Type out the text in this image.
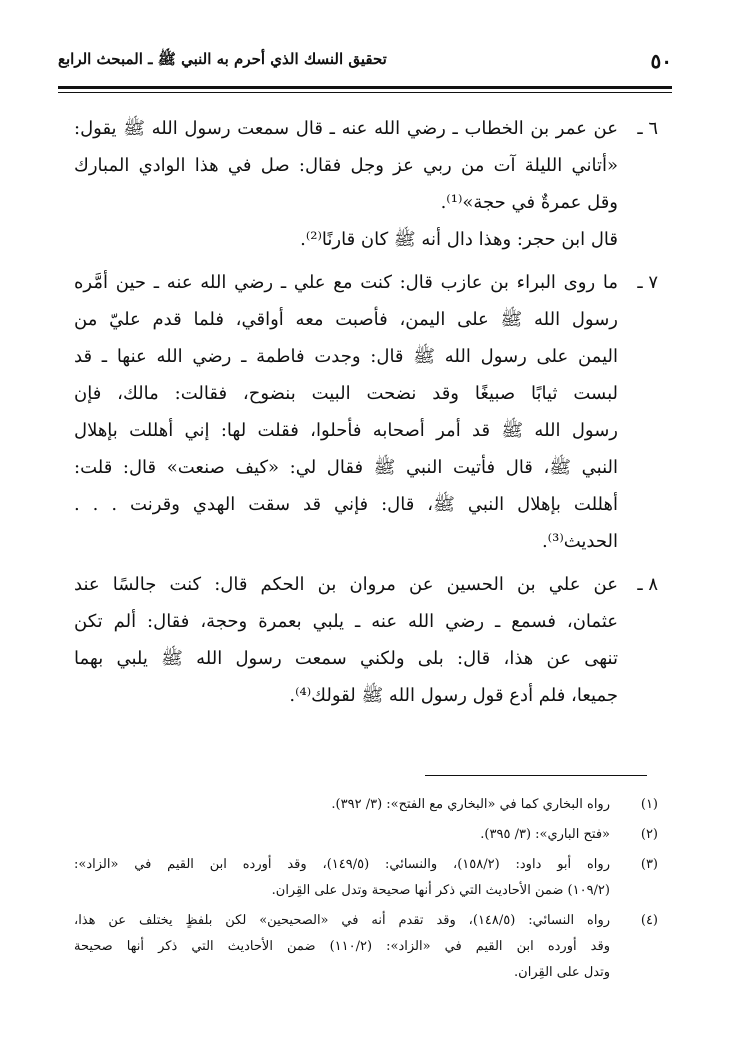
٥٠
تحقيق النسك الذي أحرم به النبي ﷺ ـ المبحث الرابع
٦ ـ
عن عمر بن الخطاب ـ رضي الله عنه ـ قال سمعت رسول الله ﷺ يقول:
«أتاني الليلة آت من ربي عز وجل فقال: صل في هذا الوادي المبارك
وقل عمرةٌ في حجة»⁽¹⁾.
قال ابن حجر: وهذا دال أنه ﷺ كان قارنًا⁽²⁾.
٧ ـ
ما روى البراء بن عازب قال: كنت مع علي ـ رضي الله عنه ـ حين أمَّره
رسول الله ﷺ على اليمن، فأصبت معه أواقي، فلما قدم عليّ من
اليمن على رسول الله ﷺ قال: وجدت فاطمة ـ رضي الله عنها ـ قد
لبست ثيابًا صبيغًا وقد نضحت البيت بنضوح، فقالت: مالك، فإن
رسول الله ﷺ قد أمر أصحابه فأحلوا، فقلت لها: إني أهللت بإهلال
النبي ﷺ، قال فأتيت النبي ﷺ فقال لي: «كيف صنعت» قال: قلت:
أهللت بإهلال النبي ﷺ، قال: فإني قد سقت الهدي وقرنت . . .
الحديث⁽³⁾.
٨ ـ
عن علي بن الحسين عن مروان بن الحكم قال: كنت جالسًا عند
عثمان، فسمع ـ رضي الله عنه ـ يلبي بعمرة وحجة، فقال: ألم تكن
تنهى عن هذا، قال: بلى ولكني سمعت رسول الله ﷺ يلبي بهما
جميعا، فلم أدع قول رسول الله ﷺ لقولك⁽⁴⁾.
(١)
رواه البخاري كما في «البخاري مع الفتح»: (٣/ ٣٩٢).
(٢)
«فتح الباري»: (٣/ ٣٩٥).
(٣)
رواه أبو داود: (١٥٨/٢)، والنسائي: (١٤٩/٥)، وقد أورده ابن القيم في «الزاد»:
(١٠٩/٢) ضمن الأحاديث التي ذكر أنها صحيحة وتدل على القِران.
(٤)
رواه النسائي: (١٤٨/٥)، وقد تقدم أنه في «الصحيحين» لكن بلفظٍ يختلف عن هذا،
وقد أورده ابن القيم في «الزاد»: (١١٠/٢) ضمن الأحاديث التي ذكر أنها صحيحة
وتدل على القِران.
